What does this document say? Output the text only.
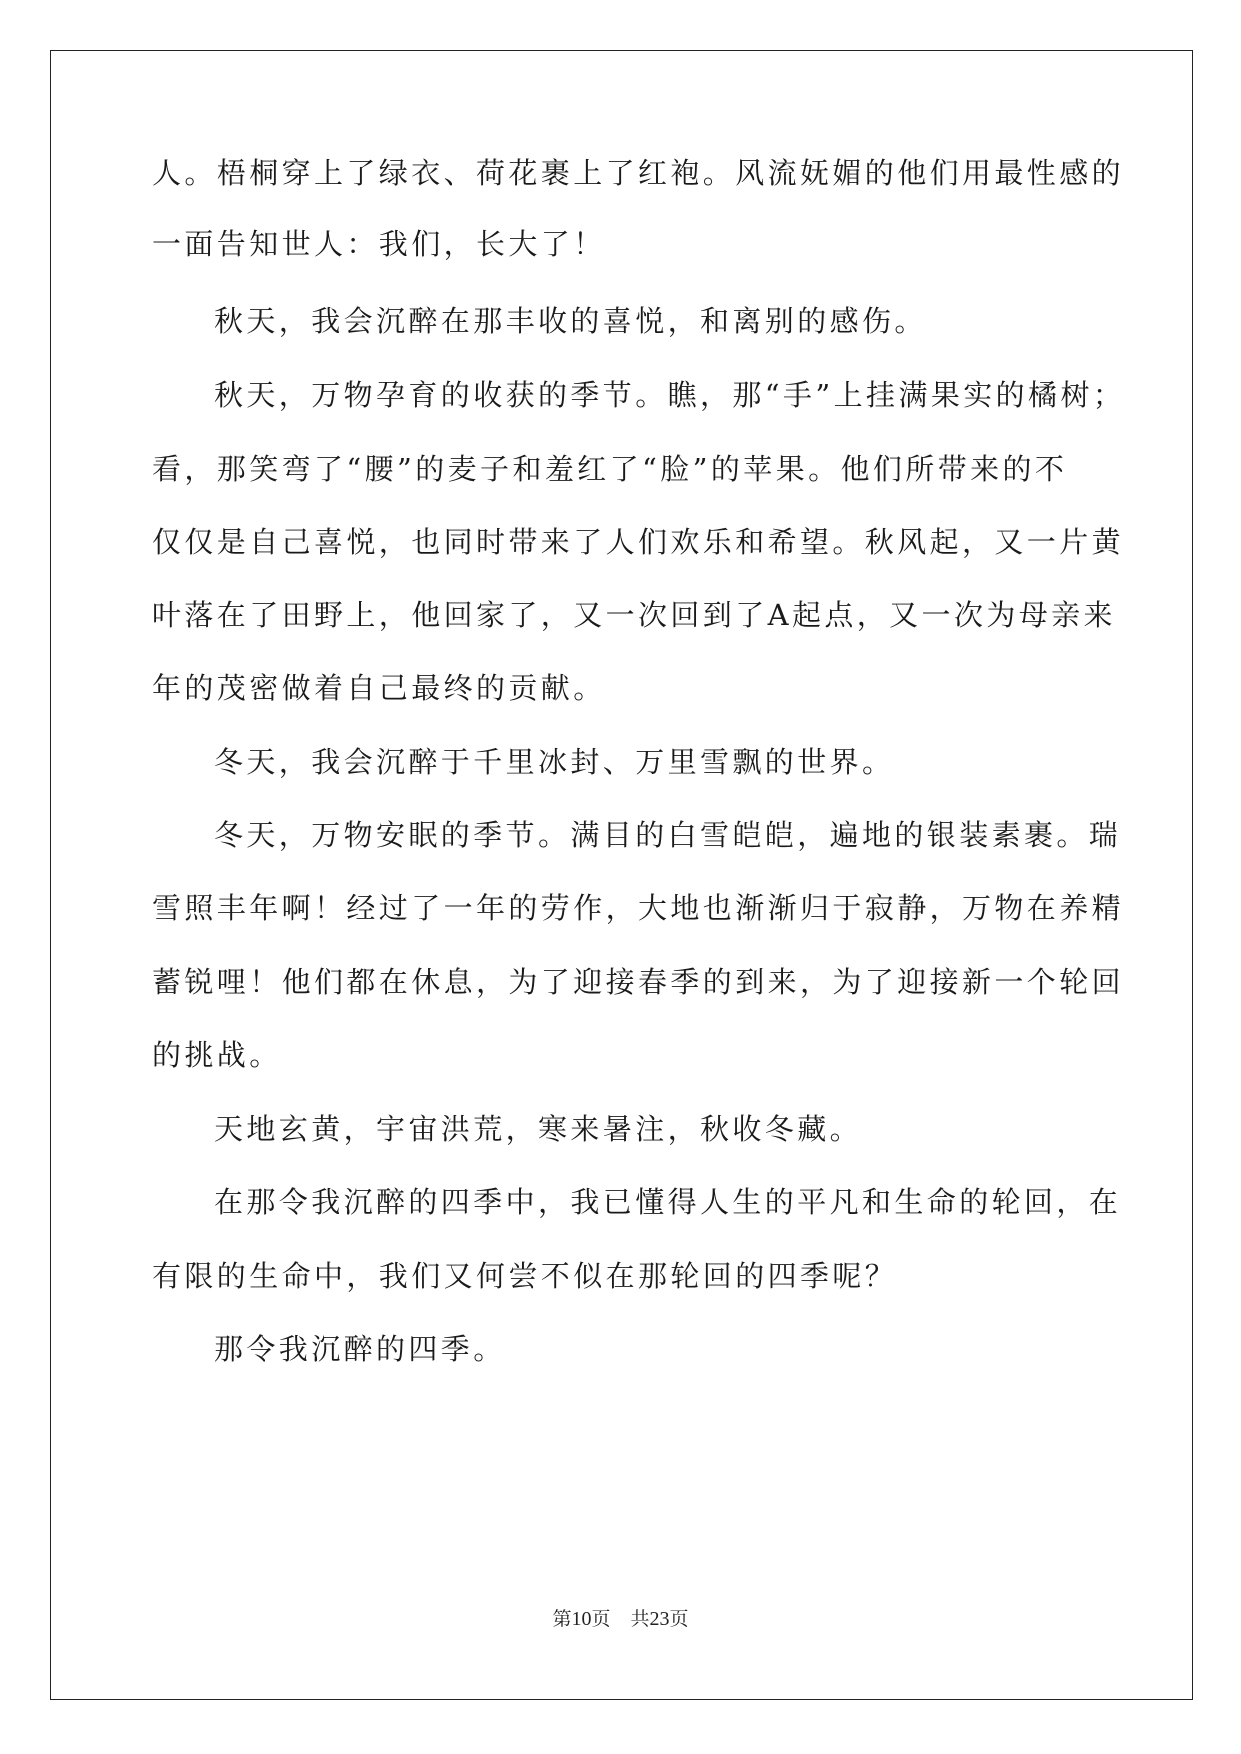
人。梧桐穿上了绿衣、荷花裹上了红袍。风流妩媚的他们用最性感的
一面告知世人：我们，长大了！
秋天，我会沉醉在那丰收的喜悦，和离别的感伤。
秋天，万物孕育的收获的季节。瞧，那“手”上挂满果实的橘树；
看，那笑弯了“腰”的麦子和羞红了“脸”的苹果。他们所带来的不
仅仅是自己喜悦，也同时带来了人们欢乐和希望。秋风起，又一片黄
叶落在了田野上，他回家了，又一次回到了A起点，又一次为母亲来
年的茂密做着自己最终的贡献。
冬天，我会沉醉于千里冰封、万里雪飘的世界。
冬天，万物安眠的季节。满目的白雪皑皑，遍地的银装素裹。瑞
雪照丰年啊！经过了一年的劳作，大地也渐渐归于寂静，万物在养精
蓄锐哩！他们都在休息，为了迎接春季的到来，为了迎接新一个轮回
的挑战。
天地玄黄，宇宙洪荒，寒来暑注，秋收冬藏。
在那令我沉醉的四季中，我已懂得人生的平凡和生命的轮回，在
有限的生命中，我们又何尝不似在那轮回的四季呢？
那令我沉醉的四季。
第10页 共23页
